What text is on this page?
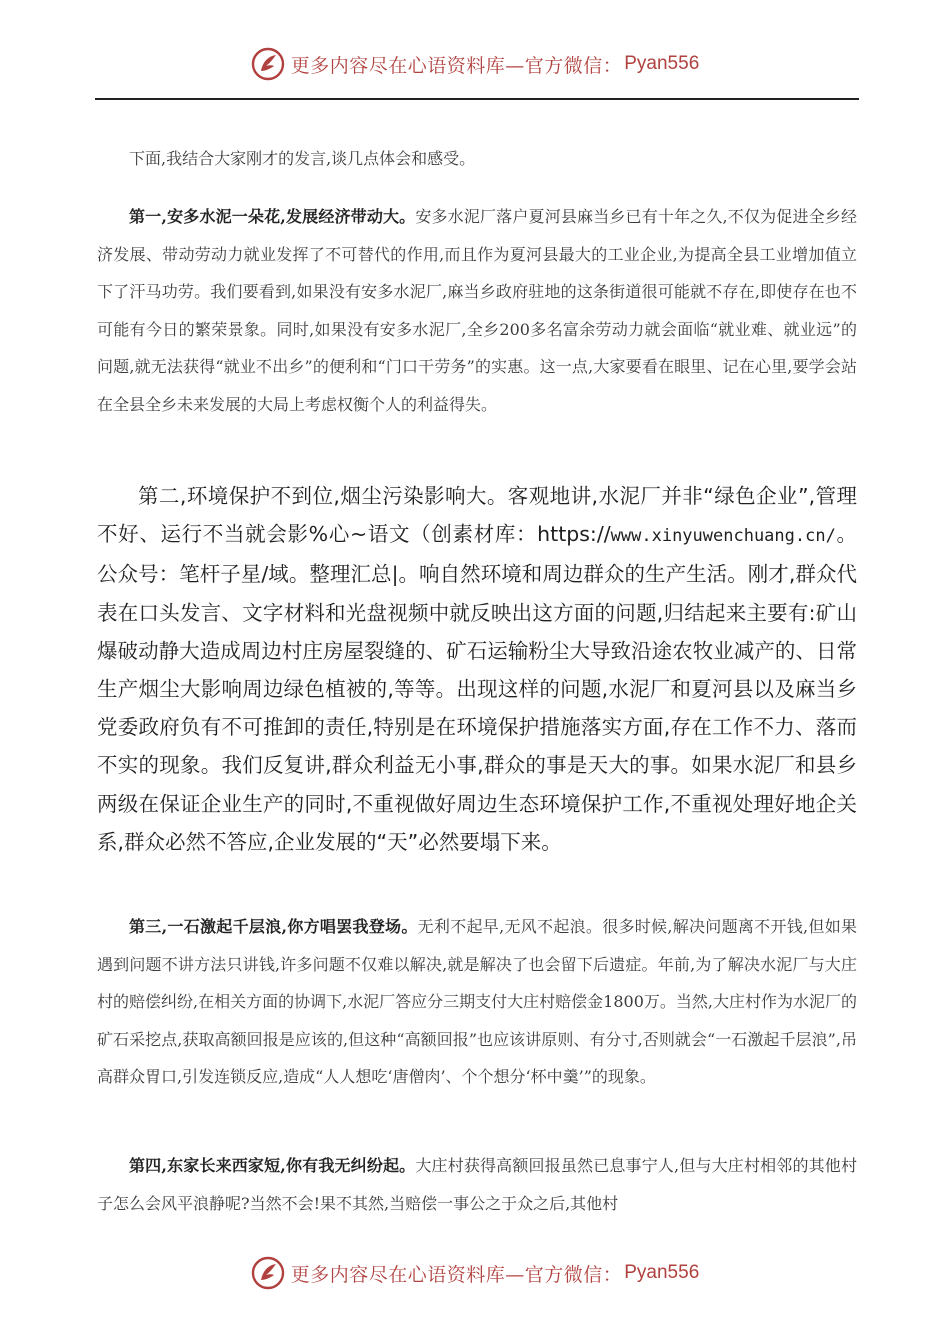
更多内容尽在心语资料库—官方微信： Pyan556

下面,我结合大家刚才的发言,谈几点体会和感受。

第一,安多水泥一朵花,发展经济带动大。安多水泥厂落户夏河县麻当乡已有十年之久,不仅为促进全乡经济发展、带动劳动力就业发挥了不可替代的作用,而且作为夏河县最大的工业企业,为提高全县工业增加值立下了汗马功劳。我们要看到,如果没有安多水泥厂,麻当乡政府驻地的这条街道很可能就不存在,即使存在也不可能有今日的繁荣景象。同时,如果没有安多水泥厂,全乡200多名富余劳动力就会面临“就业难、就业远”的问题,就无法获得“就业不出乡”的便利和“门口干劳务”的实惠。这一点,大家要看在眼里、记在心里,要学会站在全县全乡未来发展的大局上考虑权衡个人的利益得失。

第二,环境保护不到位,烟尘污染影响大。客观地讲,水泥厂并非“绿色企业”,管理不好、运行不当就会影%心~语文（创素材库：https://www.xinyuwenchuang.cn/。公众号：笔杆子星/域。整理汇总|。响自然环境和周边群众的生产生活。刚才,群众代表在口头发言、文字材料和光盘视频中就反映出这方面的问题,归结起来主要有:矿山爆破动静大造成周边村庄房屋裂缝的、矿石运输粉尘大导致沿途农牧业减产的、日常生产烟尘大影响周边绿色植被的,等等。出现这样的问题,水泥厂和夏河县以及麻当乡党委政府负有不可推卸的责任,特别是在环境保护措施落实方面,存在工作不力、落而不实的现象。我们反复讲,群众利益无小事,群众的事是天大的事。如果水泥厂和县乡两级在保证企业生产的同时,不重视做好周边生态环境保护工作,不重视处理好地企关系,群众必然不答应,企业发展的“天”必然要塌下来。

第三,一石激起千层浪,你方唱罢我登场。无利不起早,无风不起浪。很多时候,解决问题离不开钱,但如果遇到问题不讲方法只讲钱,许多问题不仅难以解决,就是解决了也会留下后遗症。年前,为了解决水泥厂与大庄村的赔偿纠纷,在相关方面的协调下,水泥厂答应分三期支付大庄村赔偿金1800万。当然,大庄村作为水泥厂的矿石采挖点,获取高额回报是应该的,但这种“高额回报”也应该讲原则、有分寸,否则就会“一石激起千层浪”,吊高群众胃口,引发连锁反应,造成“人人想吃‘唐僧肉’、个个想分‘杯中羹’”的现象。

第四,东家长来西家短,你有我无纠纷起。大庄村获得高额回报虽然已息事宁人,但与大庄村相邻的其他村子怎么会风平浪静呢?当然不会!果不其然,当赔偿一事公之于众之后,其他村

更多内容尽在心语资料库—官方微信： Pyan556
